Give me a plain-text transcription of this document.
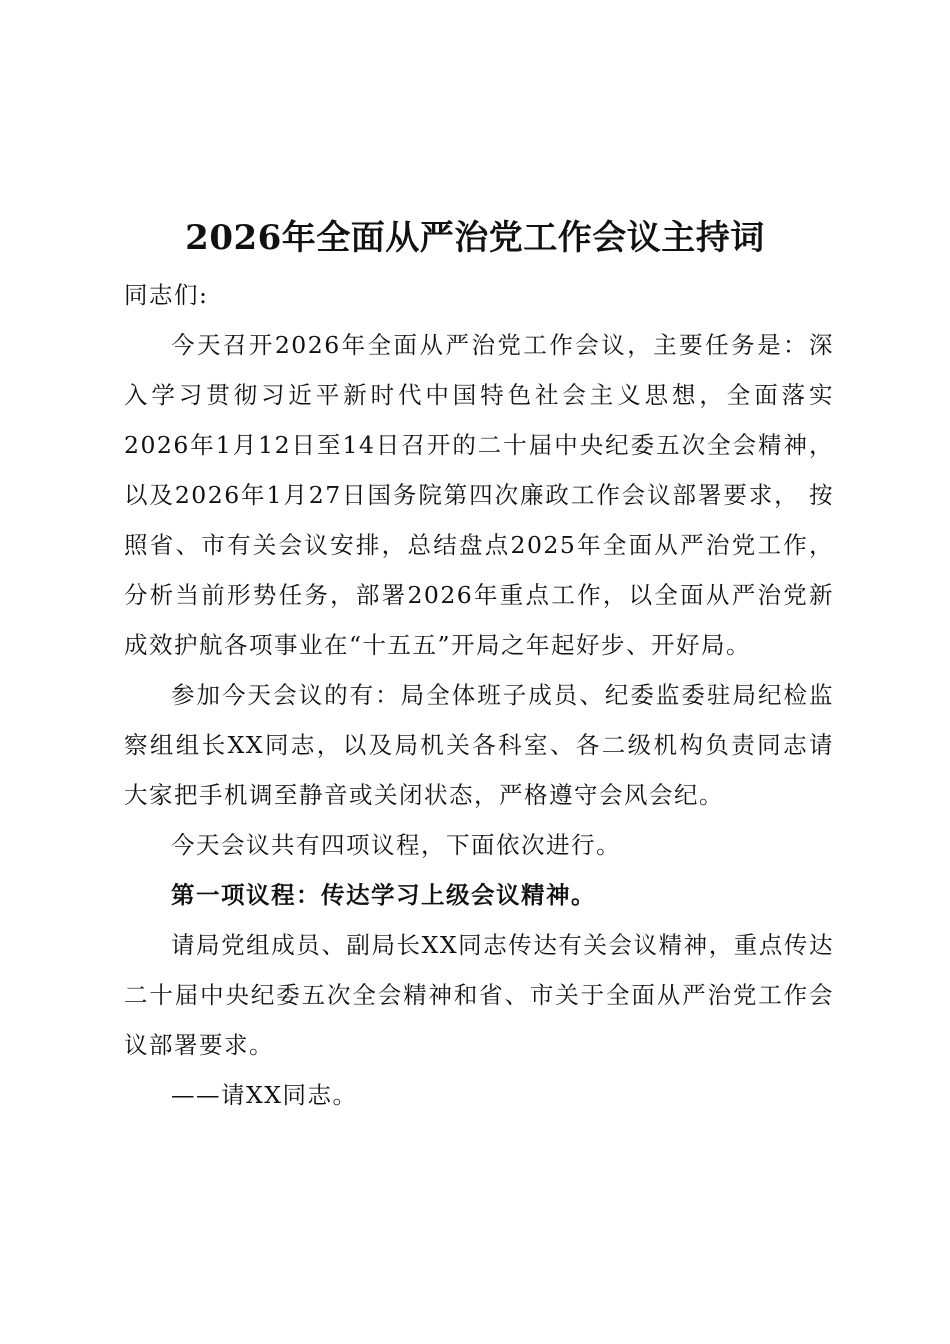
2026年全面从严治党工作会议主持词

同志们:

今天召开2026年全面从严治党工作会议，主要任务是：深入学习贯彻习近平新时代中国特色社会主义思想，全面落实2026年1月12日至14日召开的二十届中央纪委五次全会精神，以及2026年1月27日国务院第四次廉政工作会议部署要求， 按照省、市有关会议安排，总结盘点2025年全面从严治党工作，分析当前形势任务，部署2026年重点工作，以全面从严治党新成效护航各项事业在“十五五”开局之年起好步、开好局。

参加今天会议的有：局全体班子成员、纪委监委驻局纪检监察组组长XX同志，以及局机关各科室、各二级机构负责同志请大家把手机调至静音或关闭状态，严格遵守会风会纪。

今天会议共有四项议程，下面依次进行。

第一项议程：传达学习上级会议精神。

请局党组成员、副局长XX同志传达有关会议精神，重点传达二十届中央纪委五次全会精神和省、市关于全面从严治党工作会议部署要求。

——请XX同志。
